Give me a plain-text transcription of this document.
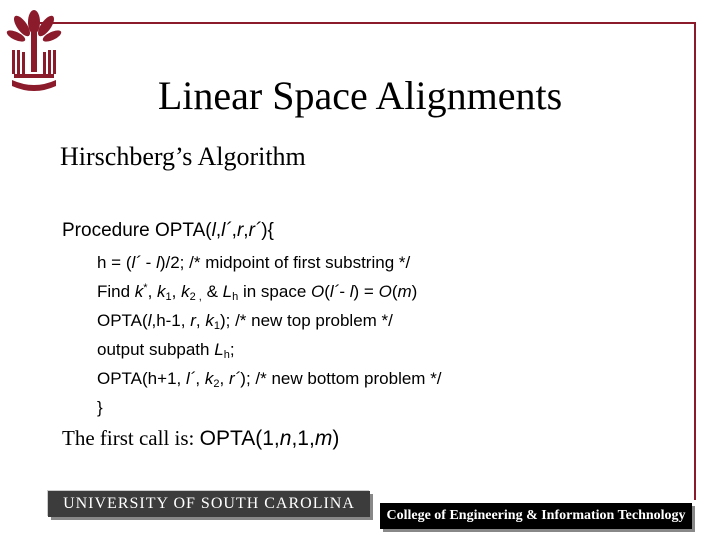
Linear Space Alignments
Hirschberg’s Algorithm
Procedure OPTA(l,l´,r,r´){
h = (l´ - l)/2; /* midpoint of first substring */
Find k*, $k_1$, $k_{2 ,}$ & $L_h$ in space O(l´- l) = O(m)
OPTA(l,h-1, r, $k_1$); /* new top problem */
output subpath $L_h$;
OPTA(h+1, l´, $k_2$, r´); /* new bottom problem */
}
The first call is: OPTA(1,n,1,m)
UNIVERSITY OF SOUTH CAROLINA
College of Engineering & Information Technology
